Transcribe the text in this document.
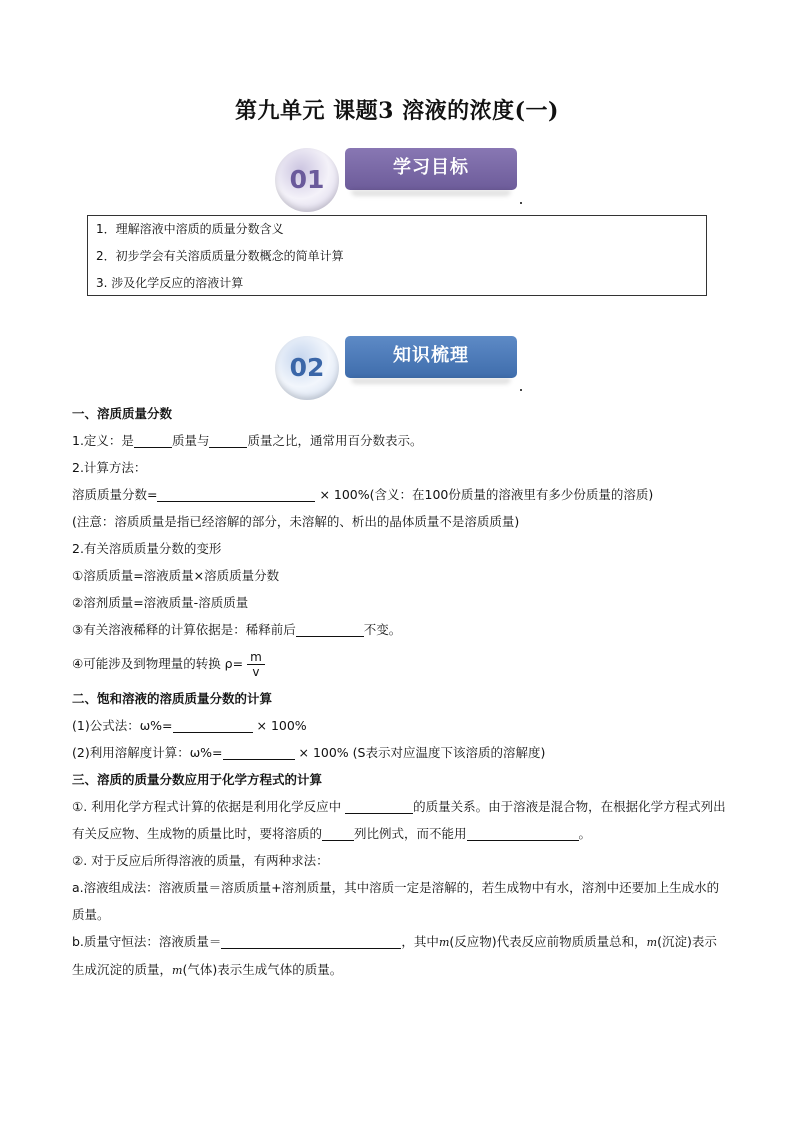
第九单元 课题3 溶液的浓度(一)
01	学习目标
1．理解溶液中溶质的质量分数含义
2．初步学会有关溶质质量分数概念的简单计算
3. 涉及化学反应的溶液计算
02	知识梳理
一、溶质质量分数
1.定义：是	质量与	质量之比，通常用百分数表示。
2.计算方法：
溶质质量分数=	× 100%(含义：在100份质量的溶液里有多少份质量的溶质)
(注意：溶质质量是指已经溶解的部分，未溶解的、析出的晶体质量不是溶质质量)
2.有关溶质质量分数的变形
①溶质质量=溶液质量×溶质质量分数
②溶剂质量=溶液质量-溶质质量
③有关溶液稀释的计算依据是：稀释前后	不变。
④可能涉及到物理量的转换 $\rho= \frac{m}{v}$
二、饱和溶液的溶质质量分数的计算
(1)公式法：ω%=	× 100%
(2)利用溶解度计算：ω%=	× 100% (S表示对应温度下该溶质的溶解度)
三、溶质的质量分数应用于化学方程式的计算
①. 利用化学方程式计算的依据是利用化学反应中	的质量关系。由于溶液是混合物，在根据化学方程式列出有关反应物、生成物的质量比时，要将溶质的	列比例式，而不能用	。
②. 对于反应后所得溶液的质量，有两种求法：
a.溶液组成法：溶液质量＝溶质质量+溶剂质量，其中溶质一定是溶解的，若生成物中有水，溶剂中还要加上生成水的质量。
b.质量守恒法：溶液质量＝	，其中m(反应物)代表反应前物质质量总和，m(沉淀)表示生成沉淀的质量，m(气体)表示生成气体的质量。
